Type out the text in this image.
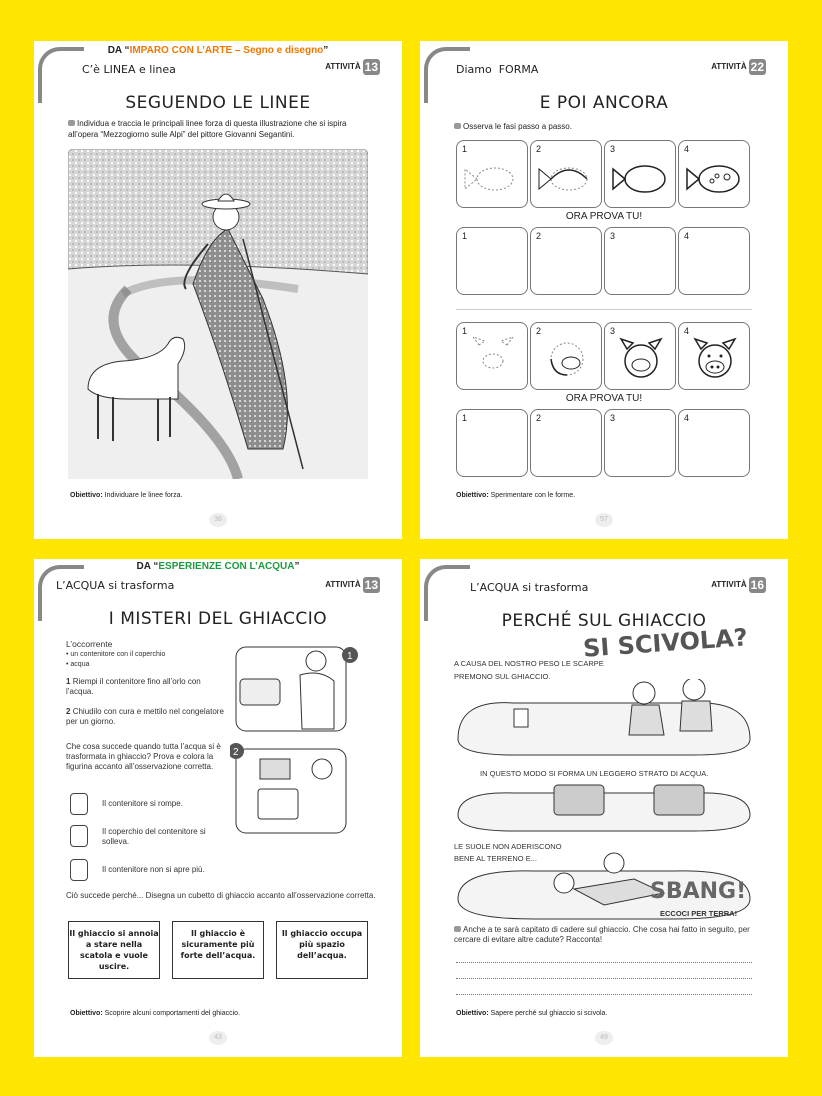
DA “IMPARO CON L’ARTE – Segno e disegno”
C’è LINEA e linea	ATTIVITÀ 13
SEGUENDO LE LINEE
Individua e traccia le principali linee forza di questa illustrazione che si ispira all’opera “Mezzogiorno sulle Alpi” del pittore Giovanni Segantini.
Obiettivo: Individuare le linee forza.
38
Diamo FORMA	ATTIVITÀ 22
E POI ANCORA
Osserva le fasi passo a passo.
1	2	3	4
ORA PROVA TU!
1	2	3	4
1	2	3	4
ORA PROVA TU!
1	2	3	4
Obiettivo: Sperimentare con le forme.
57
DA “ESPERIENZE CON L’ACQUA”
L’ACQUA si trasforma	ATTIVITÀ 13
I MISTERI DEL GHIACCIO
L’occorrente
• un contenitore con il coperchio
• acqua
1 Riempi il contenitore fino all’orlo con l’acqua.
2 Chiudilo con cura e mettilo nel congelatore per un giorno.
Che cosa succede quando tutta l’acqua si è trasformata in ghiaccio? Prova e colora la figurina accanto all’osservazione corretta.
1
2
Il contenitore si rompe.
Il coperchio del contenitore si solleva.
Il contenitore non si apre più.
Ciò succede perché... Disegna un cubetto di ghiaccio accanto all’osservazione corretta.
Il ghiaccio si annoia a stare nella scatola e vuole uscire.
Il ghiaccio è sicuramente più forte dell’acqua.
Il ghiaccio occupa più spazio dell’acqua.
Obiettivo: Scoprire alcuni comportamenti del ghiaccio.
43
L’ACQUA si trasforma	ATTIVITÀ 16
PERCHÉ SUL GHIACCIO
SI SCIVOLA?
A CAUSA DEL NOSTRO PESO LE SCARPE PREMONO SUL GHIACCIO.
IN QUESTO MODO SI FORMA UN LEGGERO STRATO DI ACQUA.
LE SUOLE NON ADERISCONO BENE AL TERRENO E...
SBANG!
ECCOCI PER TERRA!
Anche a te sarà capitato di cadere sul ghiaccio. Che cosa hai fatto in seguito, per cercare di evitare altre cadute? Racconta!
Obiettivo: Sapere perché sul ghiaccio si scivola.
49
